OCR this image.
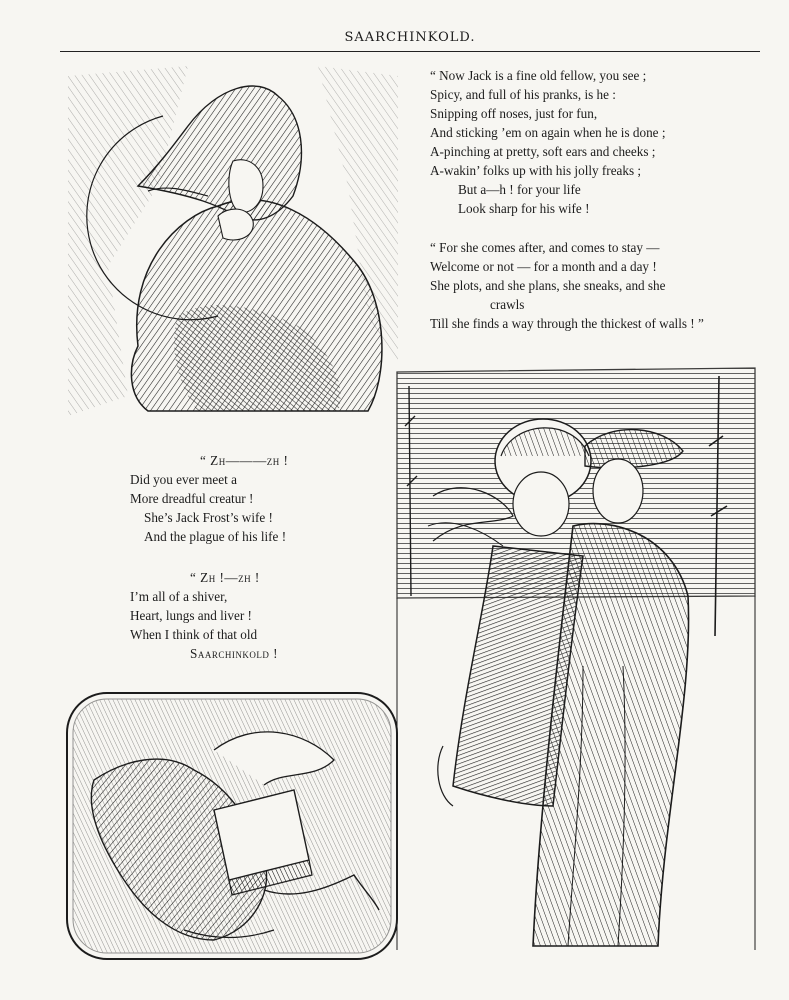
SAARCHINKOLD.
“ Now Jack is a fine old fellow, you see ;
Spicy, and full of his pranks, is he :
Snipping off noses, just for fun,
And sticking ’em on again when he is done ;
A-pinching at pretty, soft ears and cheeks ;
A-wakin’ folks up with his jolly freaks ;
But a—h ! for your life
Look sharp for his wife !
“ For she comes after, and comes to stay —
Welcome or not — for a month and a day !
She plots, and she plans, she sneaks, and she
crawls
Till she finds a way through the thickest of walls ! ”
“ Zh———zh !
Did you ever meet a
More dreadful creatur !
She’s Jack Frost’s wife !
And the plague of his life !
“ Zh !—zh !
I’m all of a shiver,
Heart, lungs and liver !
When I think of that old
Saarchinkold !
